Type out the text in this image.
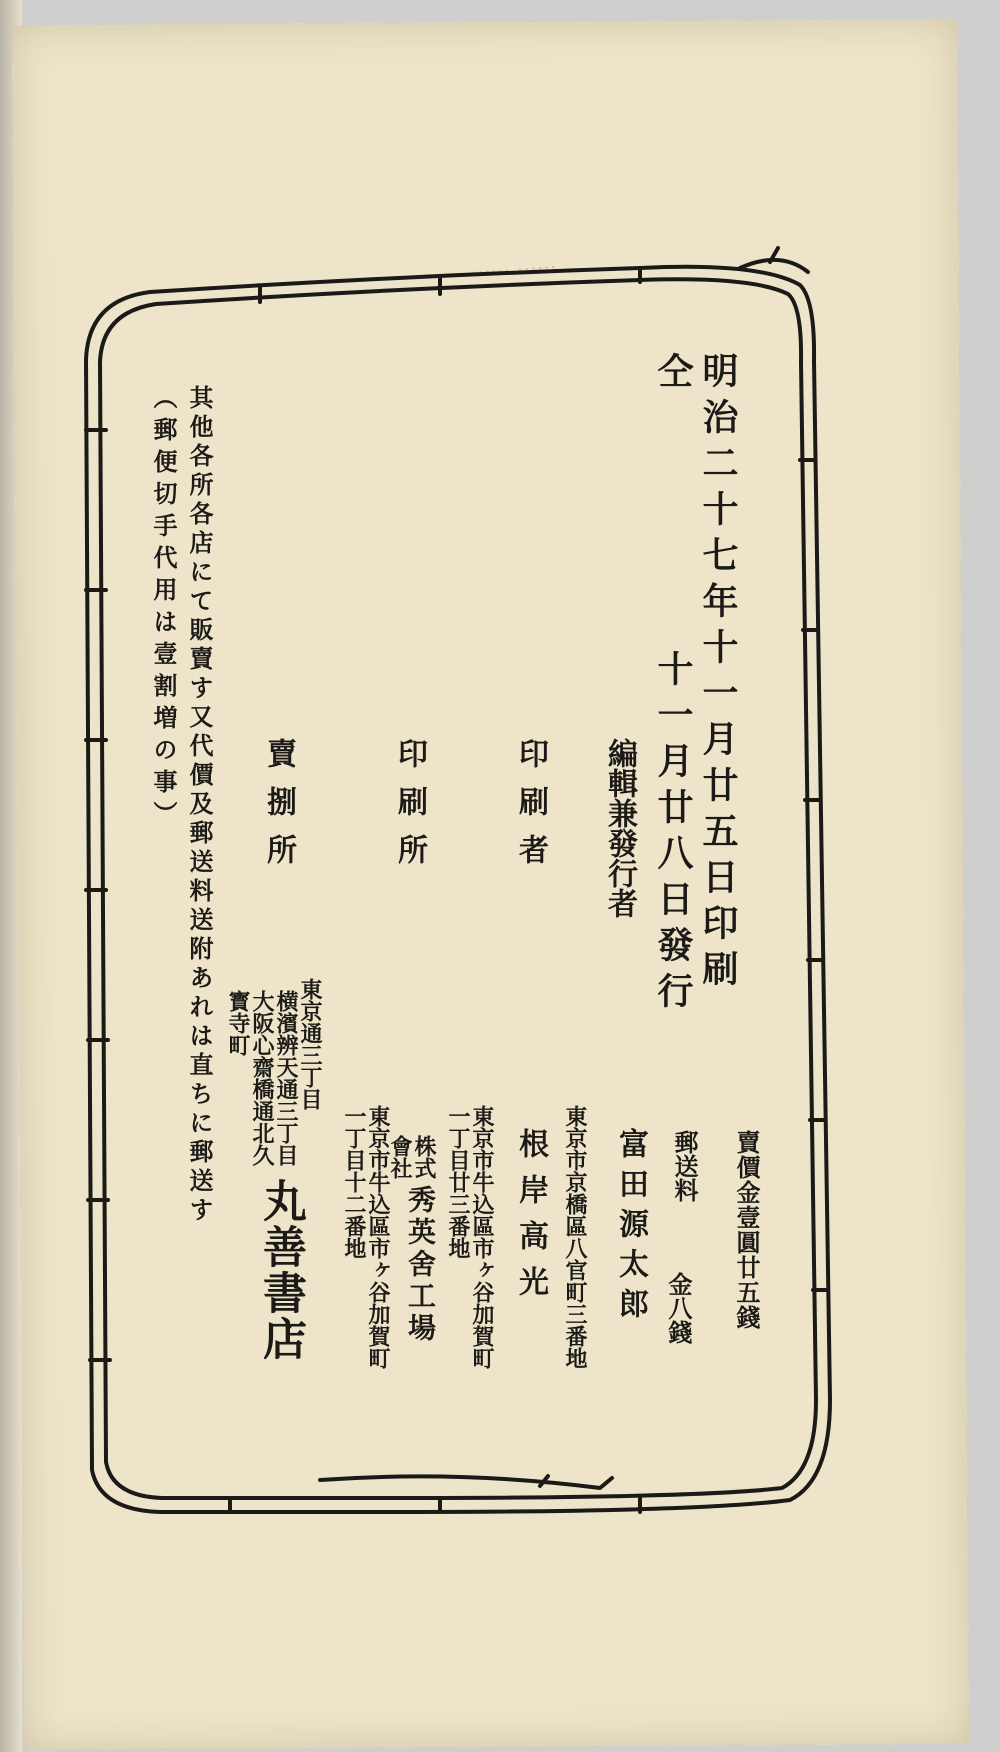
…… ……
明治二十七年十一月廿五日印刷
仝
十一月廿八日發行
賣價金壹圓廿五錢
郵送料
金八錢
編輯兼發行者
富田源太郎
東京市京橋區八官町三番地
印刷者
根岸高光
東京市牛込區市ヶ谷加賀町
一丁目廿三番地
印刷所
株式
會社
秀英舍工場
東京市牛込區市ヶ谷加賀町
一丁目十二番地
賣捌所
東京通三丁目
横濱辨天通三丁目
大阪心齋橋通北久
寳寺町
丸善書店
其他各所各店にて販賣す又代價及郵送料送附あれは直ちに郵送す
（郵便切手代用は壹割増の事）
